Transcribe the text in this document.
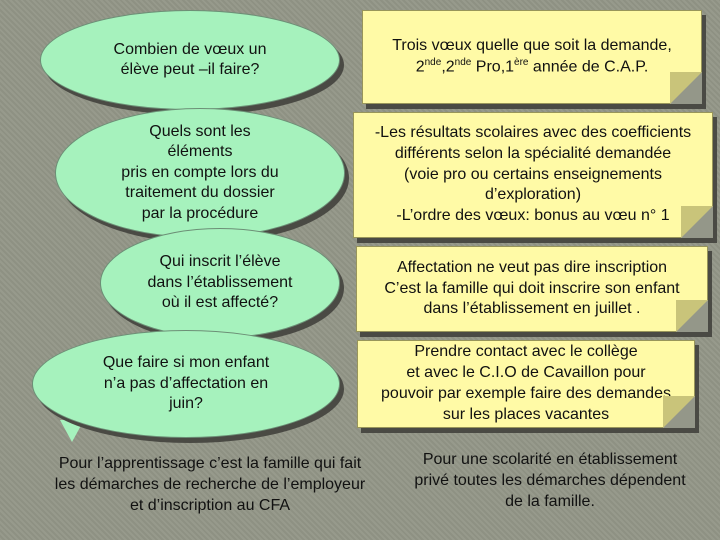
Combien de vœux un
élève peut –il faire?
Quels sont les
éléments
pris en compte lors du
traitement du dossier
par la procédure
Qui inscrit l’élève
dans l’établissement
où il est affecté?
Que faire si mon enfant
n’a pas d’affectation en
juin?
Trois vœux quelle que soit la demande,
2nde,2nde Pro,1ère année de C.A.P.
-Les résultats scolaires avec des coefficients
différents selon la spécialité demandée
(voie pro ou certains enseignements
d’exploration)
-L’ordre des vœux: bonus au vœu n° 1
Affectation ne veut pas dire inscription
C’est la famille qui doit inscrire son enfant
dans l’établissement en juillet .
Prendre contact avec le collège
et avec le C.I.O de Cavaillon pour
pouvoir par exemple faire des demandes
sur les places vacantes
Pour l’apprentissage c’est la famille qui fait
les démarches de recherche de l’employeur
et d’inscription au CFA
Pour une scolarité en établissement
privé toutes les démarches dépendent
de la famille.
